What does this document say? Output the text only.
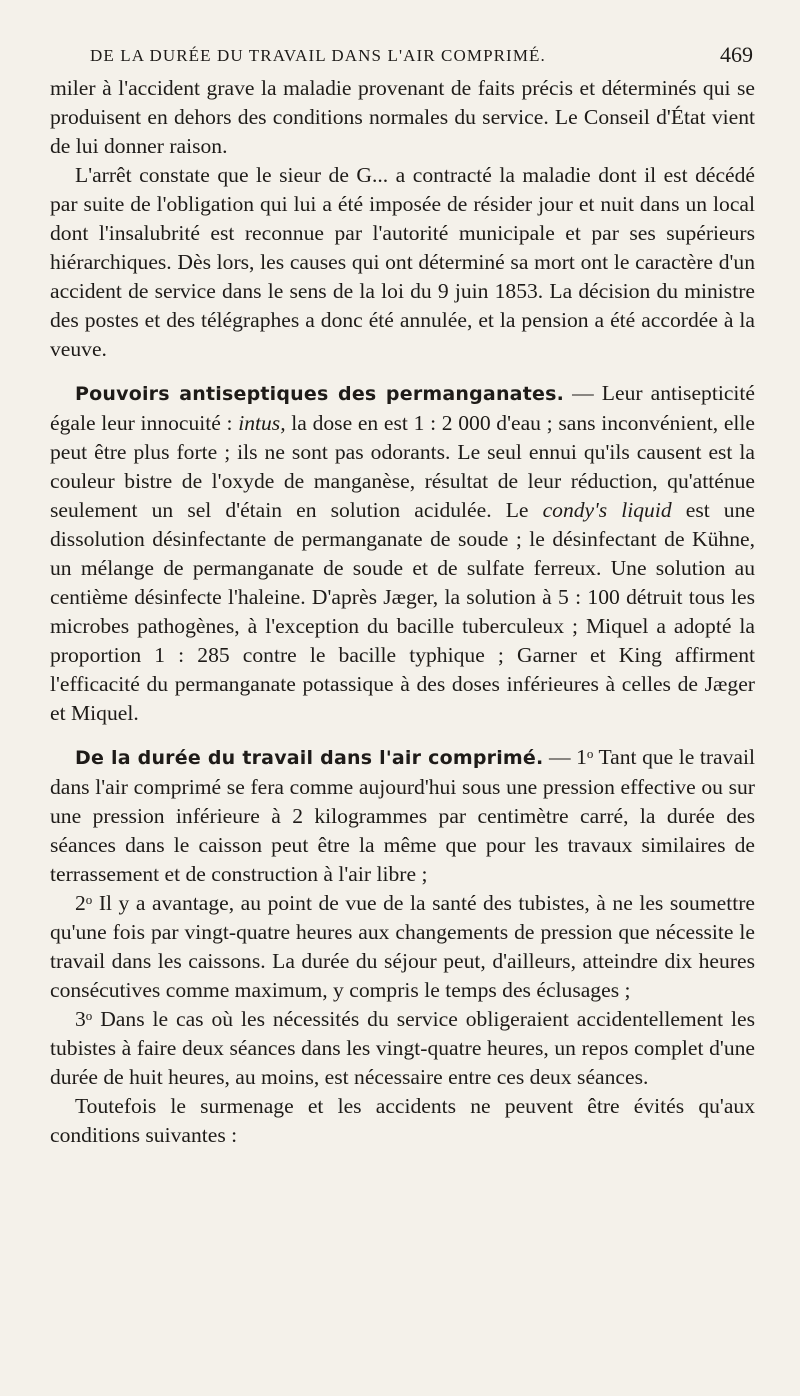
DE LA DURÉE DU TRAVAIL DANS L'AIR COMPRIMÉ.	469

miler à l'accident grave la maladie provenant de faits précis et déterminés qui se produisent en dehors des conditions normales du service. Le Conseil d'État vient de lui donner raison.

L'arrêt constate que le sieur de G... a contracté la maladie dont il est décédé par suite de l'obligation qui lui a été imposée de résider jour et nuit dans un local dont l'insalubrité est reconnue par l'autorité municipale et par ses supérieurs hiérarchiques. Dès lors, les causes qui ont déterminé sa mort ont le caractère d'un accident de service dans le sens de la loi du 9 juin 1853. La décision du ministre des postes et des télégraphes a donc été annulée, et la pension a été accordée à la veuve.

Pouvoirs antiseptiques des permanganates. — Leur antisepticité égale leur innocuité : intus, la dose en est 1 : 2 000 d'eau ; sans inconvénient, elle peut être plus forte ; ils ne sont pas odorants. Le seul ennui qu'ils causent est la couleur bistre de l'oxyde de manganèse, résultat de leur réduction, qu'atténue seulement un sel d'étain en solution acidulée. Le condy's liquid est une dissolution désinfectante de permanganate de soude ; le désinfectant de Kühne, un mélange de permanganate de soude et de sulfate ferreux. Une solution au centième désinfecte l'haleine. D'après Jæger, la solution à 5 : 100 détruit tous les microbes pathogènes, à l'exception du bacille tuberculeux ; Miquel a adopté la proportion 1 : 285 contre le bacille typhique ; Garner et King affirment l'efficacité du permanganate potassique à des doses inférieures à celles de Jæger et Miquel.

De la durée du travail dans l'air comprimé. — 1$^o$ Tant que le travail dans l'air comprimé se fera comme aujourd'hui sous une pression effective ou sur une pression inférieure à 2 kilogrammes par centimètre carré, la durée des séances dans le caisson peut être la même que pour les travaux similaires de terrassement et de construction à l'air libre ;

2$^o$ Il y a avantage, au point de vue de la santé des tubistes, à ne les soumettre qu'une fois par vingt-quatre heures aux changements de pression que nécessite le travail dans les caissons. La durée du séjour peut, d'ailleurs, atteindre dix heures consécutives comme maximum, y compris le temps des éclusages ;

3$^o$ Dans le cas où les nécessités du service obligeraient accidentellement les tubistes à faire deux séances dans les vingt-quatre heures, un repos complet d'une durée de huit heures, au moins, est nécessaire entre ces deux séances.

Toutefois le surmenage et les accidents ne peuvent être évités qu'aux conditions suivantes :
